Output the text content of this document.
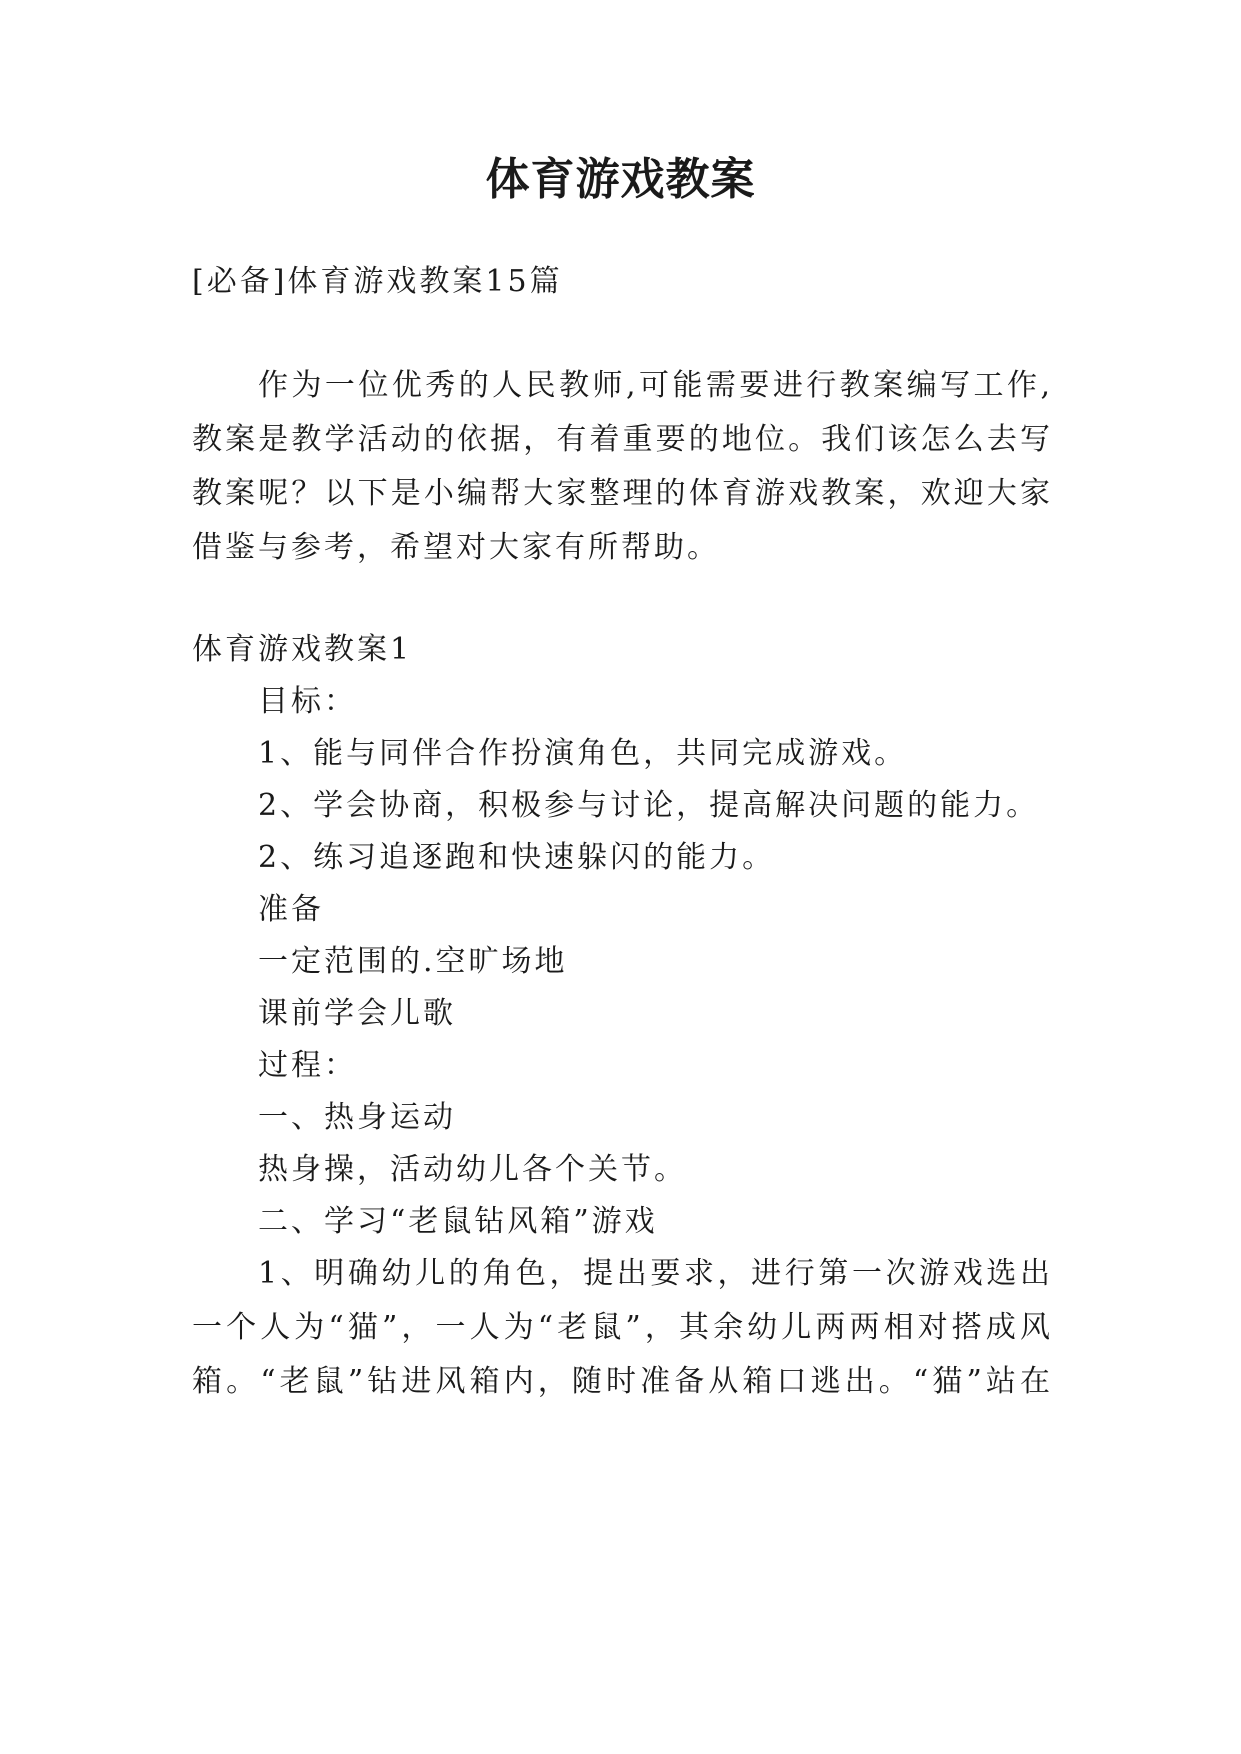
体育游戏教案

[必备]体育游戏教案15篇

作为一位优秀的人民教师,可能需要进行教案编写工作,

教案是教学活动的依据，有着重要的地位。我们该怎么去写

教案呢？以下是小编帮大家整理的体育游戏教案，欢迎大家

借鉴与参考，希望对大家有所帮助。

体育游戏教案1

目标：

1、能与同伴合作扮演角色，共同完成游戏。

2、学会协商，积极参与讨论，提高解决问题的能力。

2、练习追逐跑和快速躲闪的能力。

准备

一定范围的.空旷场地

课前学会儿歌

过程：

一、热身运动

热身操，活动幼儿各个关节。

二、学习“老鼠钻风箱”游戏

1、明确幼儿的角色，提出要求，进行第一次游戏选出

一个人为“猫”，一人为“老鼠”，其余幼儿两两相对搭成风

箱。“老鼠”钻进风箱内，随时准备从箱口逃出。“猫”站在
